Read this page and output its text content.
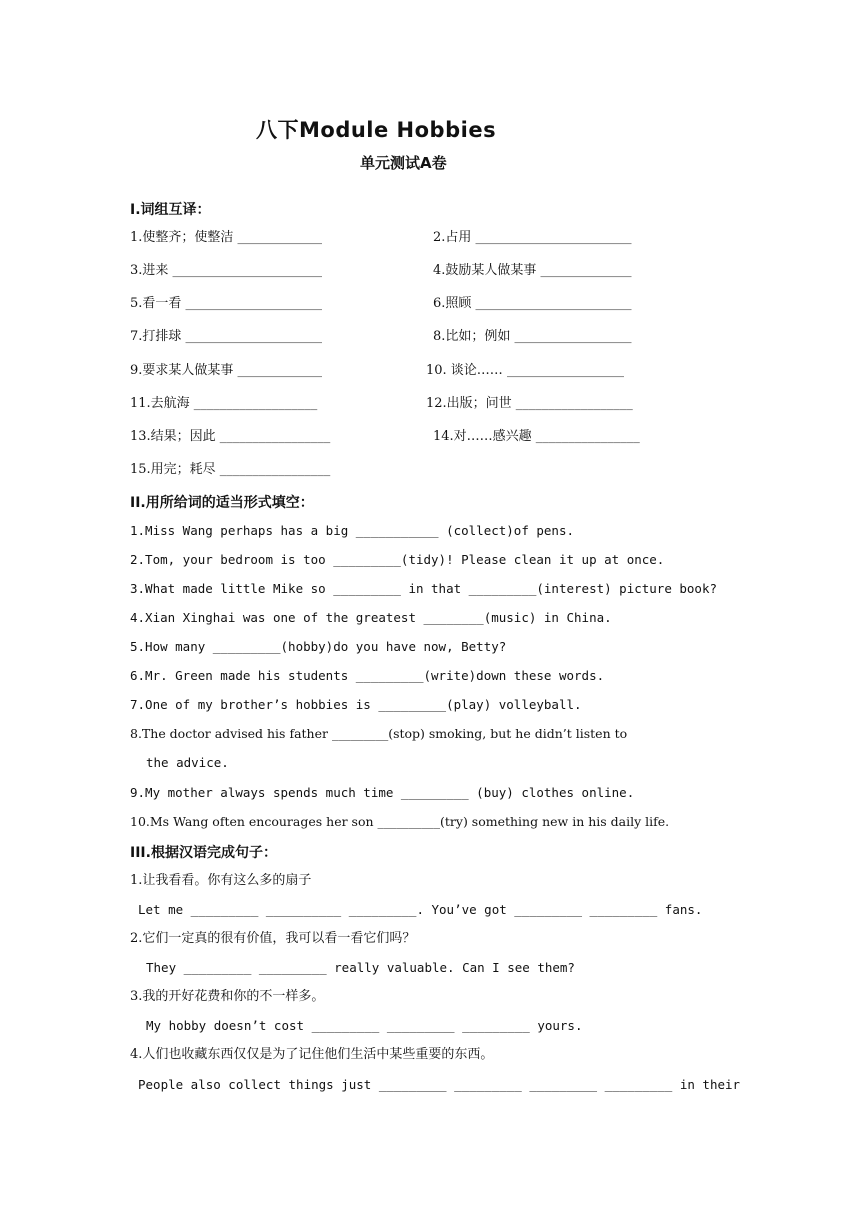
八下Module Hobbies
单元测试A卷
I.词组互译：
1.使整齐；使整洁 _____________	2.占用 ________________________
3.进来 _______________________	4.鼓励某人做某事 ______________
5.看一看 _____________________	6.照顾 ________________________
7.打排球 _____________________	8.比如；例如 __________________
9.要求某人做某事 _____________	10. 谈论…… __________________
11.去航海 ___________________	12.出版；问世 __________________
13.结果；因此 _________________	14.对……感兴趣 ________________
15.用完；耗尽 _________________
II.用所给词的适当形式填空：
1.Miss Wang perhaps has a big ___________ (collect)of pens.
2.Tom, your bedroom is too _________(tidy)! Please clean it up at once.
3.What made little Mike so _________ in that _________(interest) picture book?
4.Xian Xinghai was one of the greatest ________(music) in China.
5.How many _________(hobby)do you have now, Betty?
6.Mr. Green made his students _________(write)down these words.
7.One of my brother’s hobbies is _________(play) volleyball.
8.The doctor advised his father _________(stop) smoking, but he didn’t listen to
the advice.
9.My mother always spends much time _________ (buy) clothes online.
10.Ms Wang often encourages her son __________(try) something new in his daily life.
III.根据汉语完成句子：
1.让我看看。你有这么多的扇子
Let me _________ __________ _________. You’ve got _________ _________ fans.
2.它们一定真的很有价值，我可以看一看它们吗？
They _________ _________ really valuable. Can I see them?
3.我的开好花费和你的不一样多。
My hobby doesn’t cost _________ _________ _________ yours.
4.人们也收藏东西仅仅是为了记住他们生活中某些重要的东西。
People also collect things just _________ _________ _________ _________ in their
